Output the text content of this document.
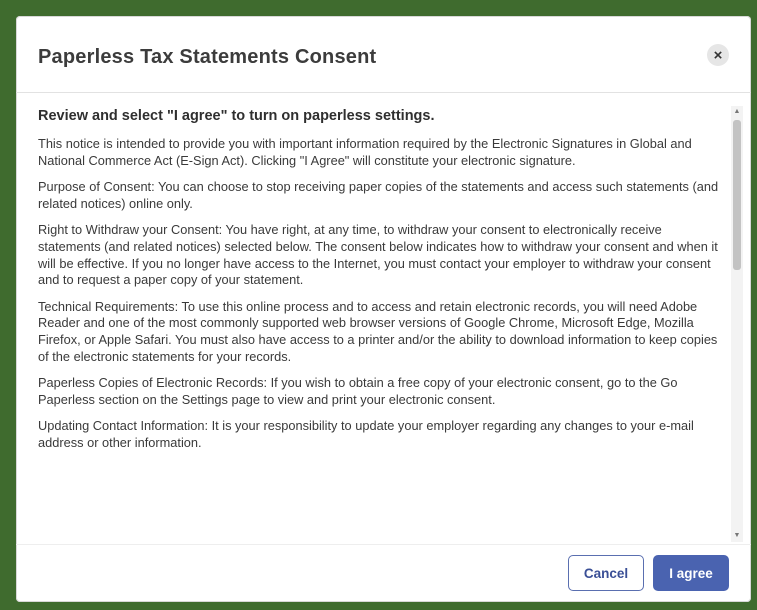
Paperless Tax Statements Consent	×
Review and select "I agree" to turn on paperless settings.

This notice is intended to provide you with important information required by the Electronic Signatures in Global and National Commerce Act (E-Sign Act). Clicking "I Agree" will constitute your electronic signature.

Purpose of Consent: You can choose to stop receiving paper copies of the statements and access such statements (and related notices) online only.

Right to Withdraw your Consent: You have right, at any time, to withdraw your consent to electronically receive statements (and related notices) selected below. The consent below indicates how to withdraw your consent and when it will be effective. If you no longer have access to the Internet, you must contact your employer to withdraw your consent and to request a paper copy of your statement.

Technical Requirements: To use this online process and to access and retain electronic records, you will need Adobe Reader and one of the most commonly supported web browser versions of Google Chrome, Microsoft Edge, Mozilla Firefox, or Apple Safari. You must also have access to a printer and/or the ability to download information to keep copies of the electronic statements for your records.

Paperless Copies of Electronic Records: If you wish to obtain a free copy of your electronic consent, go to the Go Paperless section on the Settings page to view and print your electronic consent.

Updating Contact Information: It is your responsibility to update your employer regarding any changes to your e-mail address or other information.

▲
▼
Cancel	I agree
